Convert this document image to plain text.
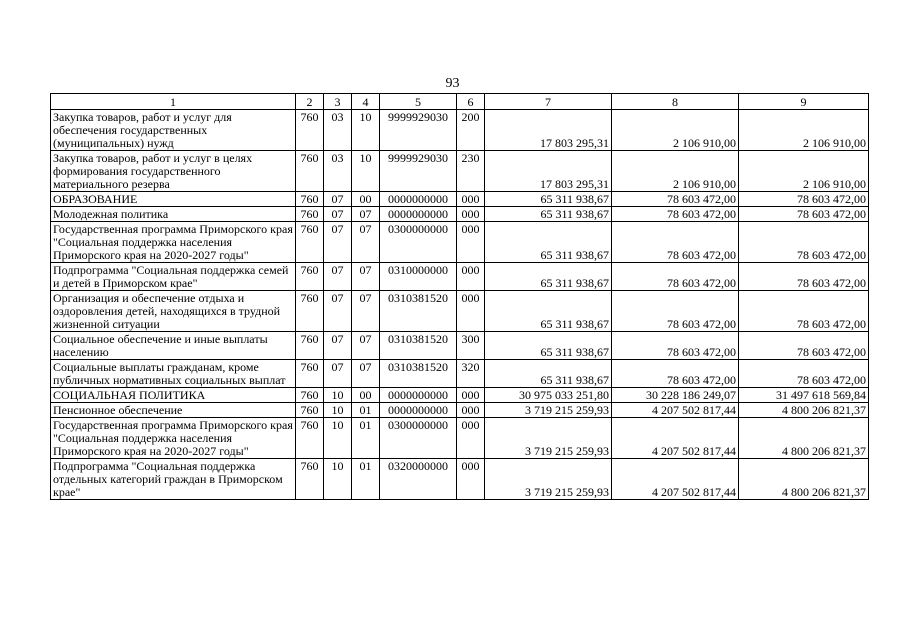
93
1	2	3	4	5	6	7	8	9
Закупка товаров, работ и услуг для обеспечения государственных (муниципальных) нужд	760	03	10	9999929030	200	17 803 295,31	2 106 910,00	2 106 910,00
Закупка товаров, работ и услуг в целях формирования государственного материального резерва	760	03	10	9999929030	230	17 803 295,31	2 106 910,00	2 106 910,00
ОБРАЗОВАНИЕ	760	07	00	0000000000	000	65 311 938,67	78 603 472,00	78 603 472,00
Молодежная политика	760	07	07	0000000000	000	65 311 938,67	78 603 472,00	78 603 472,00
Государственная программа Приморского края "Социальная поддержка населения Приморского края на 2020-2027 годы"	760	07	07	0300000000	000	65 311 938,67	78 603 472,00	78 603 472,00
Подпрограмма "Социальная поддержка семей и детей в Приморском крае"	760	07	07	0310000000	000	65 311 938,67	78 603 472,00	78 603 472,00
Организация и обеспечение отдыха и оздоровления детей, находящихся в трудной жизненной ситуации	760	07	07	0310381520	000	65 311 938,67	78 603 472,00	78 603 472,00
Социальное обеспечение и иные выплаты населению	760	07	07	0310381520	300	65 311 938,67	78 603 472,00	78 603 472,00
Социальные выплаты гражданам, кроме публичных нормативных социальных выплат	760	07	07	0310381520	320	65 311 938,67	78 603 472,00	78 603 472,00
СОЦИАЛЬНАЯ ПОЛИТИКА	760	10	00	0000000000	000	30 975 033 251,80	30 228 186 249,07	31 497 618 569,84
Пенсионное обеспечение	760	10	01	0000000000	000	3 719 215 259,93	4 207 502 817,44	4 800 206 821,37
Государственная программа Приморского края "Социальная поддержка населения Приморского края на 2020-2027 годы"	760	10	01	0300000000	000	3 719 215 259,93	4 207 502 817,44	4 800 206 821,37
Подпрограмма "Социальная поддержка отдельных категорий граждан в Приморском крае"	760	10	01	0320000000	000	3 719 215 259,93	4 207 502 817,44	4 800 206 821,37
